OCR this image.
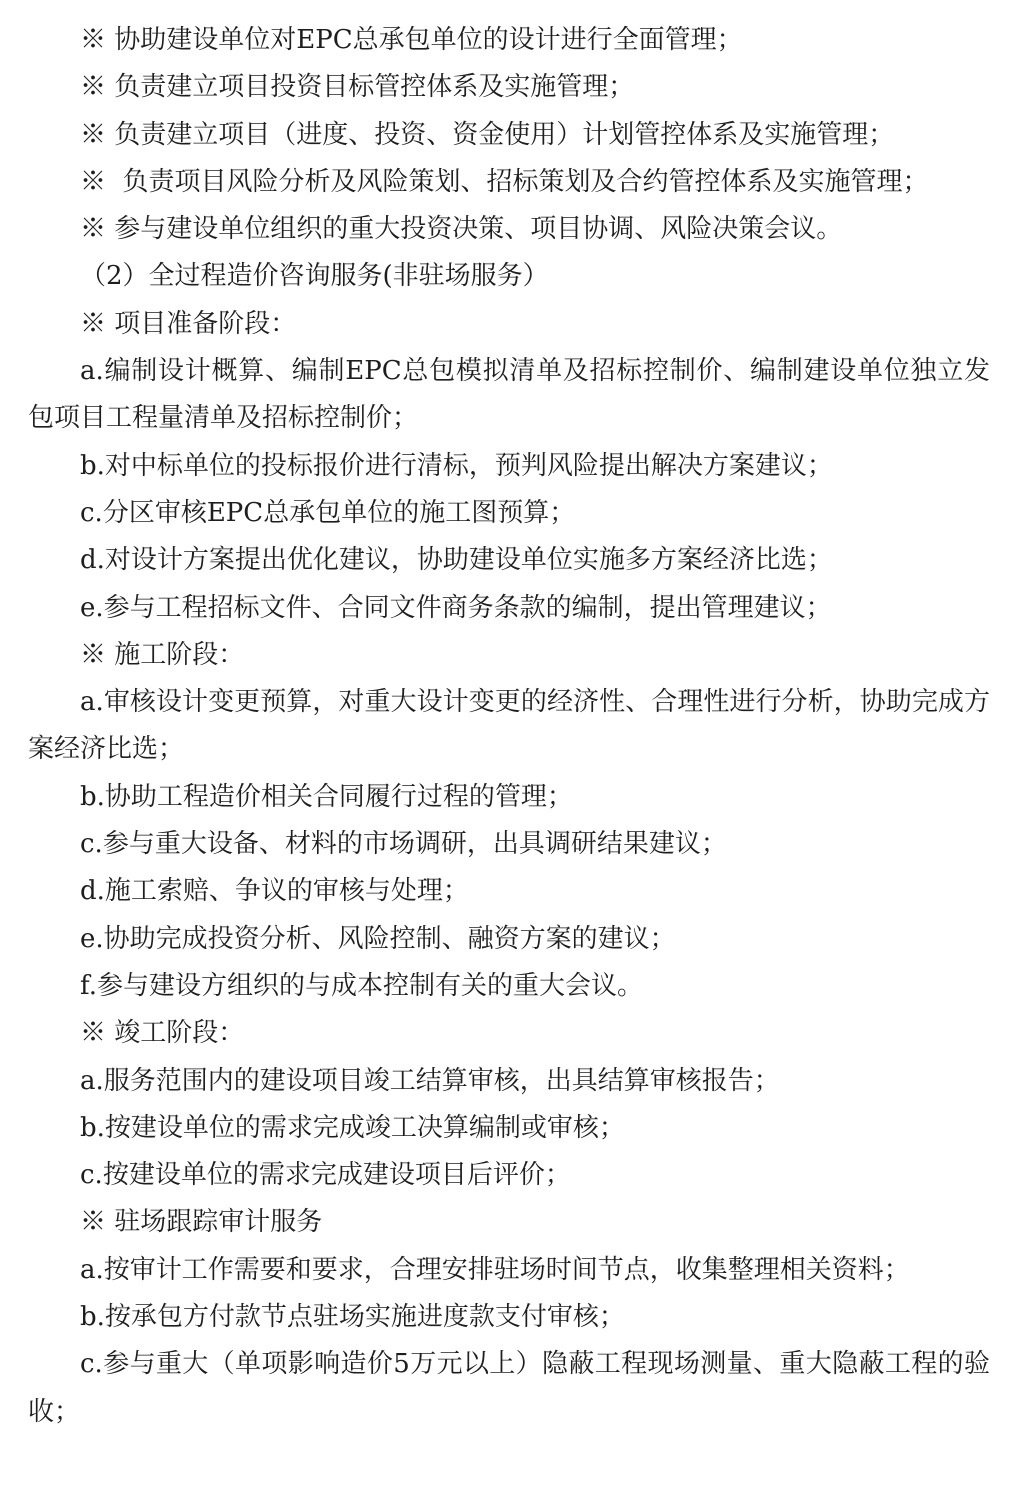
※ 协助建设单位对EPC总承包单位的设计进行全面管理；

※ 负责建立项目投资目标管控体系及实施管理；

※ 负责建立项目（进度、投资、资金使用）计划管控体系及实施管理；

※  负责项目风险分析及风险策划、招标策划及合约管控体系及实施管理；

※ 参与建设单位组织的重大投资决策、项目协调、风险决策会议。

（2）全过程造价咨询服务(非驻场服务）

※ 项目准备阶段：

a.编制设计概算、编制EPC总包模拟清单及招标控制价、编制建设单位独立发包项目工程量清单及招标控制价；

b.对中标单位的投标报价进行清标，预判风险提出解决方案建议；

c.分区审核EPC总承包单位的施工图预算；

d.对设计方案提出优化建议，协助建设单位实施多方案经济比选；

e.参与工程招标文件、合同文件商务条款的编制，提出管理建议；

※ 施工阶段：

a.审核设计变更预算，对重大设计变更的经济性、合理性进行分析，协助完成方案经济比选；

b.协助工程造价相关合同履行过程的管理；

c.参与重大设备、材料的市场调研，出具调研结果建议；

d.施工索赔、争议的审核与处理；

e.协助完成投资分析、风险控制、融资方案的建议；

f.参与建设方组织的与成本控制有关的重大会议。

※ 竣工阶段：

a.服务范围内的建设项目竣工结算审核，出具结算审核报告；

b.按建设单位的需求完成竣工决算编制或审核；

c.按建设单位的需求完成建设项目后评价；

※ 驻场跟踪审计服务

a.按审计工作需要和要求，合理安排驻场时间节点，收集整理相关资料；

b.按承包方付款节点驻场实施进度款支付审核；

c.参与重大（单项影响造价5万元以上）隐蔽工程现场测量、重大隐蔽工程的验收；
